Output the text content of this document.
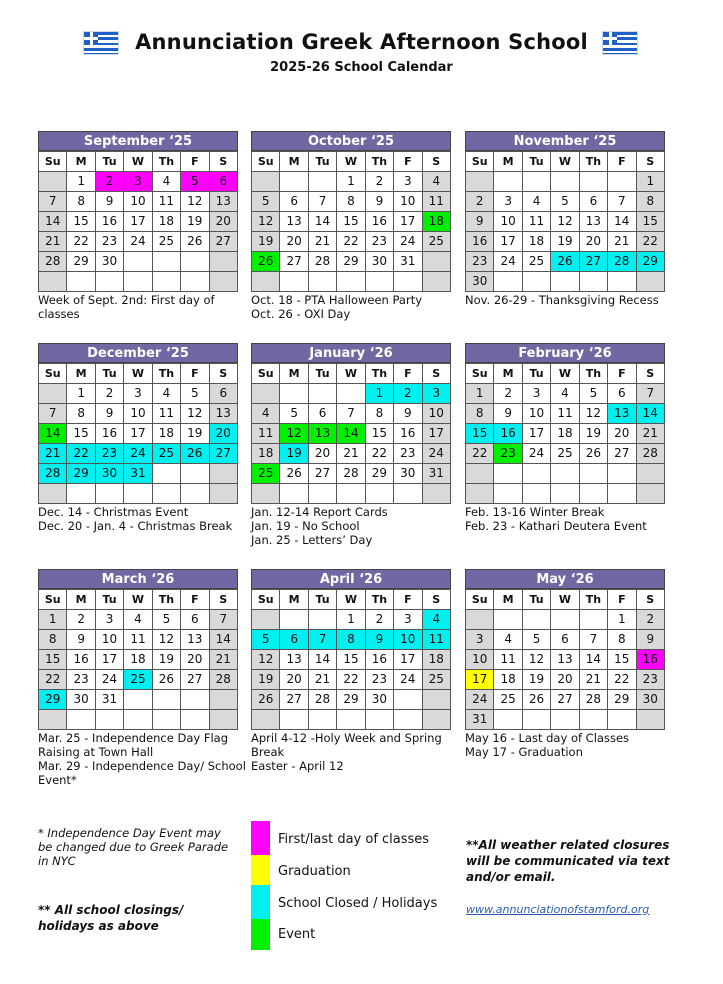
Annunciation Greek Afternoon School
2025-26 School Calendar
September ‘25
Su	M	Tu	W	Th	F	S
	1	2	3	4	5	6
7	8	9	10	11	12	13
14	15	16	17	18	19	20
21	22	23	24	25	26	27
28	29	30				

Week of Sept. 2nd: First day of classes
October ‘25
Su	M	Tu	W	Th	F	S
			1	2	3	4
5	6	7	8	9	10	11
12	13	14	15	16	17	18
19	20	21	22	23	24	25
26	27	28	29	30	31	

Oct. 18 - PTA Halloween Party
Oct. 26 - OXI Day
November ‘25
Su	M	Tu	W	Th	F	S
						1
2	3	4	5	6	7	8
9	10	11	12	13	14	15
16	17	18	19	20	21	22
23	24	25	26	27	28	29
30						
Nov. 26-29 - Thanksgiving Recess
December ‘25
Su	M	Tu	W	Th	F	S
	1	2	3	4	5	6
7	8	9	10	11	12	13
14	15	16	17	18	19	20
21	22	23	24	25	26	27
28	29	30	31			

Dec. 14 - Christmas Event
Dec. 20 - Jan. 4 - Christmas Break
January ‘26
Su	M	Tu	W	Th	F	S
				1	2	3
4	5	6	7	8	9	10
11	12	13	14	15	16	17
18	19	20	21	22	23	24
25	26	27	28	29	30	31

Jan. 12-14 Report Cards
Jan. 19 - No School
Jan. 25 - Letters’ Day
February ‘26
Su	M	Tu	W	Th	F	S
1	2	3	4	5	6	7
8	9	10	11	12	13	14
15	16	17	18	19	20	21
22	23	24	25	26	27	28

Feb. 13-16 Winter Break
Feb. 23 - Kathari Deutera Event
March ‘26
Su	M	Tu	W	Th	F	S
1	2	3	4	5	6	7
8	9	10	11	12	13	14
15	16	17	18	19	20	21
22	23	24	25	26	27	28
29	30	31				

Mar. 25 - Independence Day Flag Raising at Town Hall
Mar. 29 - Independence Day/ School Event*
April ‘26
Su	M	Tu	W	Th	F	S
			1	2	3	4
5	6	7	8	9	10	11
12	13	14	15	16	17	18
19	20	21	22	23	24	25
26	27	28	29	30		

April 4-12 -Holy Week and Spring Break
Easter - April 12
May ‘26
Su	M	Tu	W	Th	F	S
					1	2
3	4	5	6	7	8	9
10	11	12	13	14	15	16
17	18	19	20	21	22	23
24	25	26	27	28	29	30
31						
May 16 - Last day of Classes
May 17 - Graduation
First/last day of classes
Graduation
School Closed / Holidays
Event
* Independence Day Event may be changed due to Greek Parade in NYC
** All school closings/ holidays as above
**All weather related closures will be communicated via text and/or email.
www.annunciationofstamford.org
